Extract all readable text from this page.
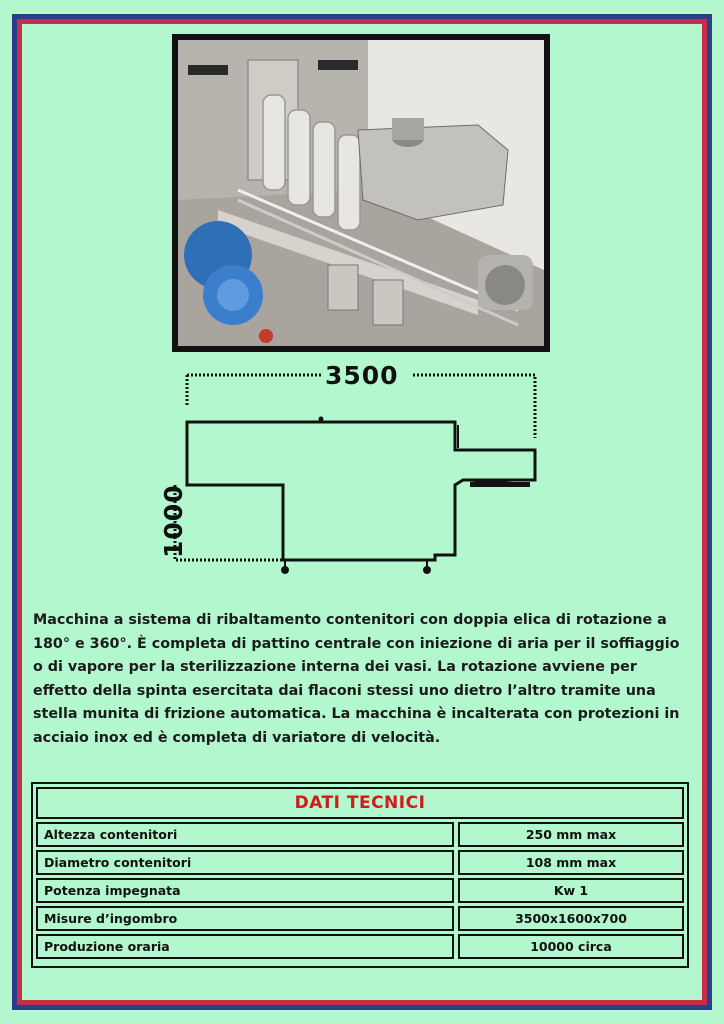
3500
1000

Macchina a sistema di ribaltamento contenitori con doppia elica di rotazione a 180° e 360°. È completa di pattino centrale con iniezione di aria per il soffiaggio o di vapore per la sterilizzazione interna dei vasi. La rotazione avviene per effetto della spinta esercitata dai flaconi stessi uno dietro l’altro tramite una stella munita di frizione automatica. La macchina è incalterata con protezioni in acciaio inox ed è completa di variatore di velocità.

DATI TECNICI
Altezza contenitori	250 mm max
Diametro contenitori	108 mm max
Potenza impegnata	Kw 1
Misure d’ingombro	3500x1600x700
Produzione oraria	10000 circa
